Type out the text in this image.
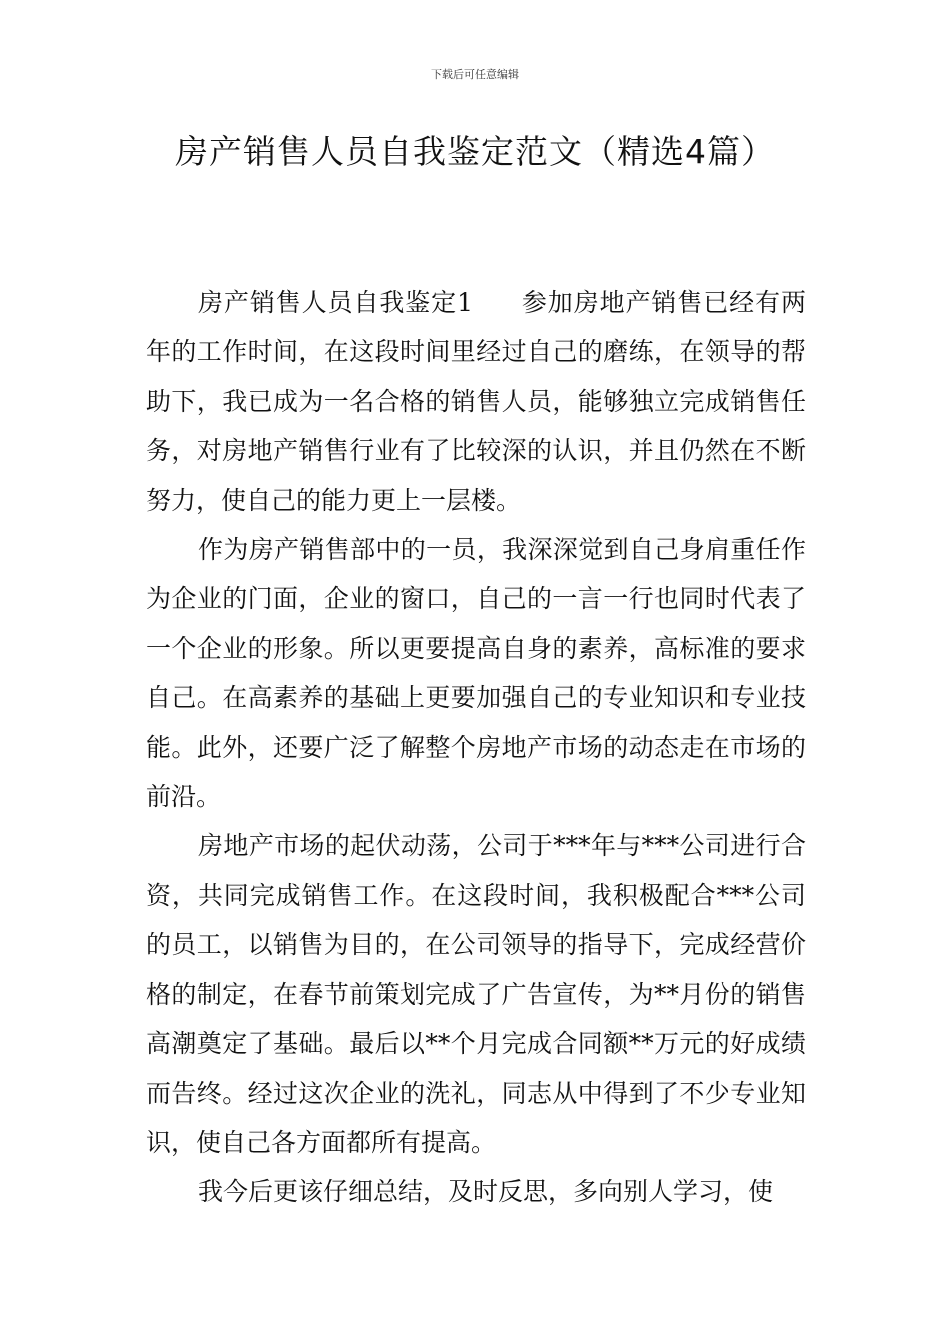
下载后可任意编辑
房产销售人员自我鉴定范文（精选4篇）

房产销售人员自我鉴定1 参加房地产销售已经有两年的工作时间，在这段时间里经过自己的磨练，在领导的帮助下，我已成为一名合格的销售人员，能够独立完成销售任务，对房地产销售行业有了比较深的认识，并且仍然在不断努力，使自己的能力更上一层楼。

作为房产销售部中的一员，我深深觉到自己身肩重任作为企业的门面，企业的窗口，自己的一言一行也同时代表了一个企业的形象。所以更要提高自身的素养，高标准的要求自己。在高素养的基础上更要加强自己的专业知识和专业技能。此外，还要广泛了解整个房地产市场的动态走在市场的前沿。

房地产市场的起伏动荡，公司于***年与***公司进行合资，共同完成销售工作。在这段时间，我积极配合***公司的员工，以销售为目的，在公司领导的指导下，完成经营价格的制定，在春节前策划完成了广告宣传，为**月份的销售高潮奠定了基础。最后以**个月完成合同额**万元的好成绩而告终。经过这次企业的洗礼，同志从中得到了不少专业知识，使自己各方面都所有提高。

我今后更该仔细总结，及时反思，多向别人学习，使
